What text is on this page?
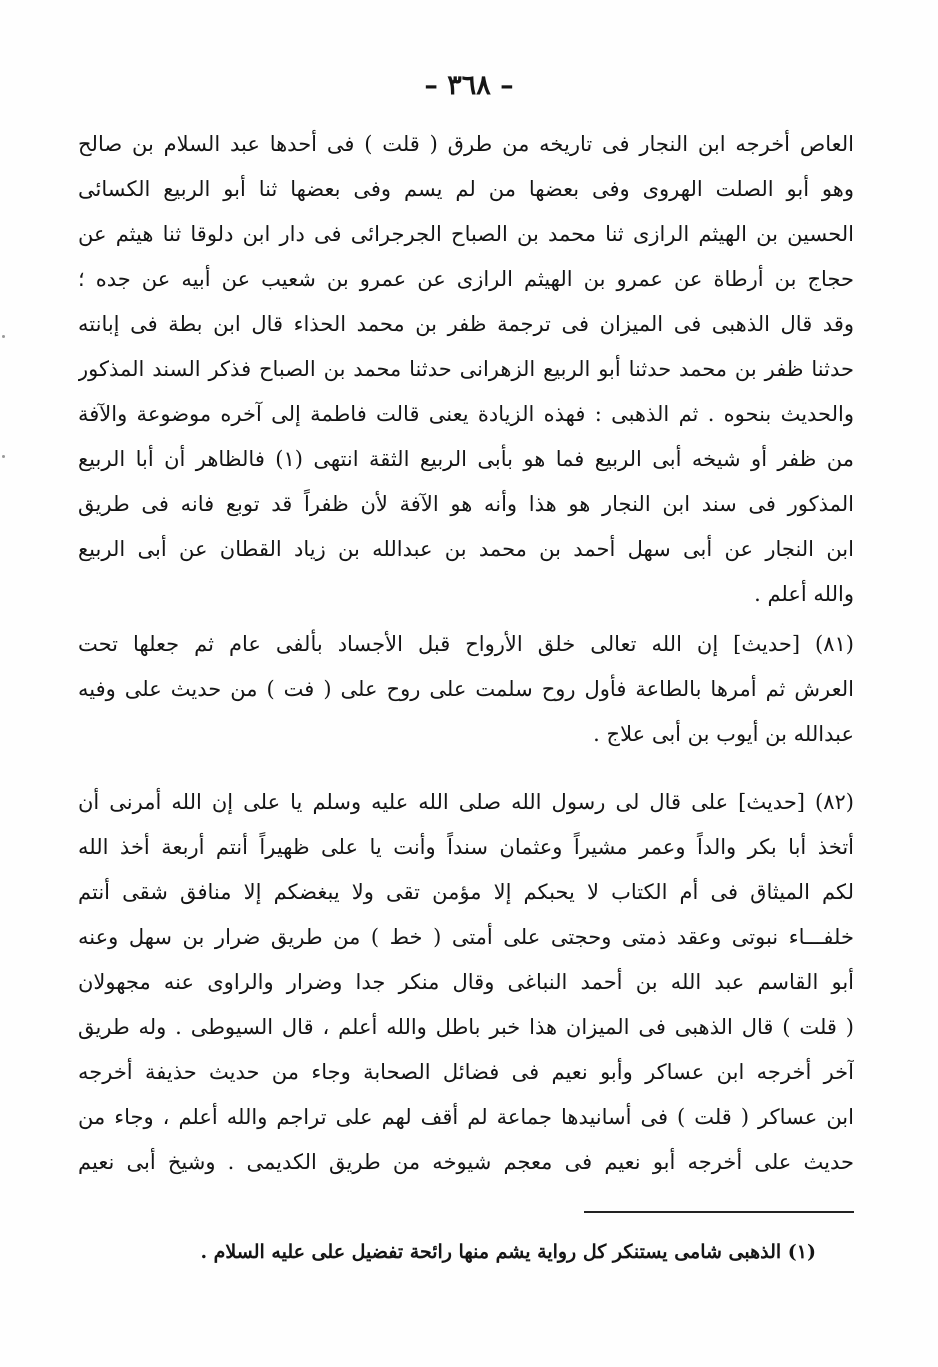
– ٣٦٨ –
العاص أخرجه ابن النجار فى تاريخه من طرق ( قلت ) فى أحدها عبد السلام بن صالح
وهو أبو الصلت الهروى وفى بعضها من لم يسم وفى بعضها ثنا أبو الربيع الكسائى
الحسين بن الهيثم الرازى ثنا محمد بن الصباح الجرجرائى فى دار ابن دلوقا ثنا هيثم عن
حجاج بن أرطاة عن عمرو بن الهيثم الرازى عن عمرو بن شعيب عن أبيه عن جده ؛
وقد قال الذهبى فى الميزان فى ترجمة ظفر بن محمد الحذاء قال ابن بطة فى إبانته
حدثنا ظفر بن محمد حدثنا أبو الربيع الزهرانى حدثنا محمد بن الصباح فذكر السند المذكور
والحديث بنحوه . ثم الذهبى : فهذه الزيادة يعنى قالت فاطمة إلى آخره موضوعة والآفة
من ظفر أو شيخه أبى الربيع فما هو بأبى الربيع الثقة انتهى (١) فالظاهر أن أبا الربيع
المذكور فى سند ابن النجار هو هذا وأنه هو الآفة لأن ظفراً قد توبع فانه فى طريق
ابن النجار عن أبى سهل أحمد بن محمد بن عبدالله بن زياد القطان عن أبى الربيع
والله أعلم .
(٨١) [حديث] إن الله تعالى خلق الأرواح قبل الأجساد بألفى عام ثم جعلها تحت
العرش ثم أمرها بالطاعة فأول روح سلمت على روح على ( فت ) من حديث على وفيه
عبدالله بن أيوب بن أبى علاج .
(٨٢) [حديث] على قال لى رسول الله صلى الله عليه وسلم يا على إن الله أمرنى أن
أتخذ أبا بكر والداً وعمر مشيراً وعثمان سنداً وأنت يا على ظهيراً أنتم أربعة أخذ الله
لكم الميثاق فى أم الكتاب لا يحبكم إلا مؤمن تقى ولا يبغضكم إلا منافق شقى أنتم
خلفـــاء نبوتى وعقد ذمتى وحجتى على أمتى ( خط ) من طريق ضرار بن سهل وعنه
أبو القاسم عبد الله بن أحمد النباغى وقال منكر جدا وضرار والراوى عنه مجهولان
( قلت ) قال الذهبى فى الميزان هذا خبر باطل والله أعلم ، قال السيوطى . وله طريق
آخر أخرجه ابن عساكر وأبو نعيم فى فضائل الصحابة وجاء من حديث حذيفة أخرجه
ابن عساكر ( قلت ) فى أسانيدها جماعة لم أقف لهم على تراجم والله أعلم ، وجاء من
حديث على أخرجه أبو نعيم فى معجم شيوخه من طريق الكديمى . وشيخ أبى نعيم
(١) الذهبى شامى يستنكر كل رواية يشم منها رائحة تفضيل على عليه السلام .
